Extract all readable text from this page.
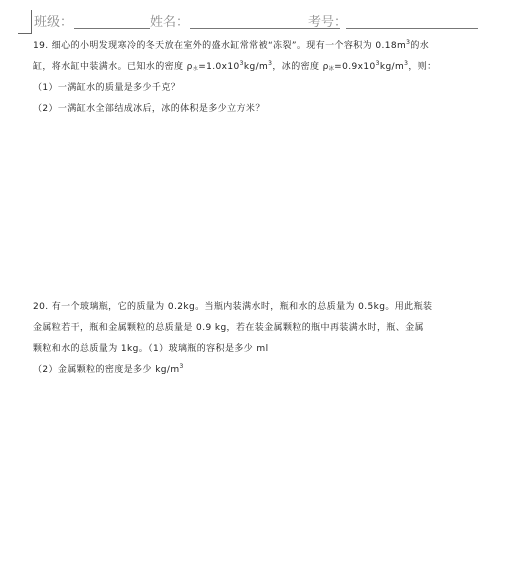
班级：	姓名：	考号：

19. 细心的小明发现寒冷的冬天放在室外的盛水缸常常被“冻裂”。现有一个容积为 $0.18m^3$的水

缸，将水缸中装满水。已知水的密度 $\rho_水=1.0x10^3kg/m^3$，冰的密度 $\rho_冰=0.9x10^3kg/m^3$，则：

（1）一满缸水的质量是多少千克？

（2）一满缸水全部结成冰后，冰的体积是多少立方米？

20. 有一个玻璃瓶，它的质量为 0.2kg。当瓶内装满水时，瓶和水的总质量为 0.5kg。用此瓶装

金属粒若干，瓶和金属颗粒的总质量是 0.9 kg，若在装金属颗粒的瓶中再装满水时，瓶、金属

颗粒和水的总质量为 1kg。（1）玻璃瓶的容积是多少 ml

（2）金属颗粒的密度是多少 $kg/m^3$
